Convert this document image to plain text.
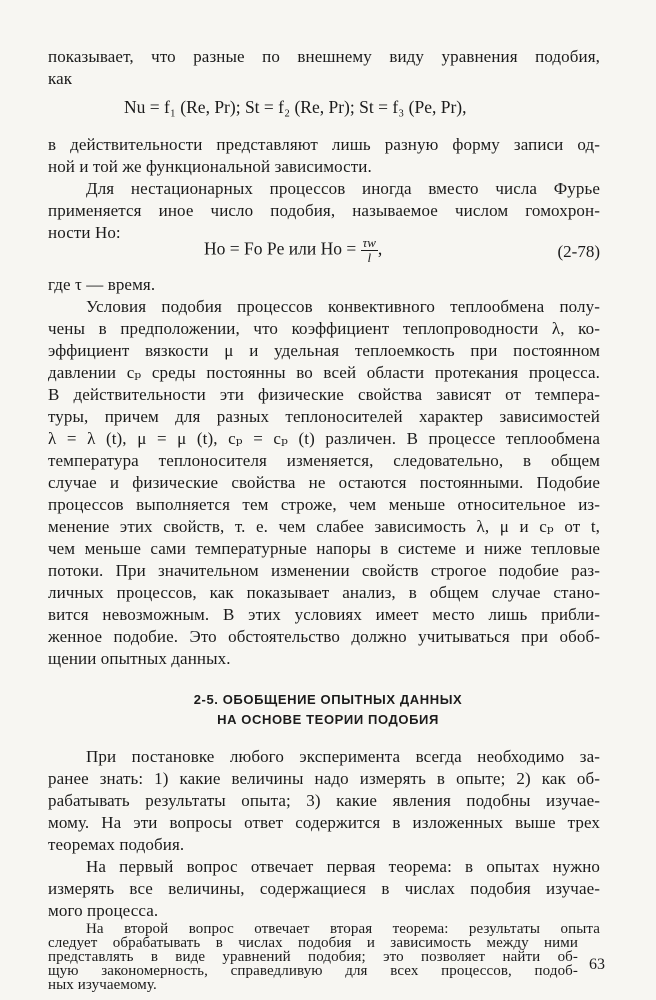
показывает, что разные по внешнему виду уравнения подобия,
как
Nu = f₁ (Re, Pr); St = f₂ (Re, Pr); St = f₃ (Pe, Pr),
в действительности представляют лишь разную форму записи од-
ной и той же функциональной зависимости.
Для нестационарных процессов иногда вместо числа Фурье
применяется иное число подобия, называемое числом гомохрон-
ности Ho:
Ho = Fo Pe или $Ho = \frac{\tau w}{l}$ ,	(2-78)
где τ — время.
Условия подобия процессов конвективного теплообмена полу-
чены в предположении, что коэффициент теплопроводности λ, ко-
эффициент вязкости μ и удельная теплоемкость при постоянном
давлении cₚ среды постоянны во всей области протекания процесса.
В действительности эти физические свойства зависят от темпера-
туры, причем для разных теплоносителей характер зависимостей
λ = λ (t), μ = μ (t), cₚ = cₚ (t) различен. В процессе теплообмена
температура теплоносителя изменяется, следовательно, в общем
случае и физические свойства не остаются постоянными. Подобие
процессов выполняется тем строже, чем меньше относительное из-
менение этих свойств, т. е. чем слабее зависимость λ, μ и cₚ от t,
чем меньше сами температурные напоры в системе и ниже тепловые
потоки. При значительном изменении свойств строгое подобие раз-
личных процессов, как показывает анализ, в общем случае стано-
вится невозможным. В этих условиях имеет место лишь прибли-
женное подобие. Это обстоятельство должно учитываться при обоб-
щении опытных данных.
2-5. ОБОБЩЕНИЕ ОПЫТНЫХ ДАННЫХ
НА ОСНОВЕ ТЕОРИИ ПОДОБИЯ
При постановке любого эксперимента всегда необходимо за-
ранее знать: 1) какие величины надо измерять в опыте; 2) как об-
рабатывать результаты опыта; 3) какие явления подобны изучае-
мому. На эти вопросы ответ содержится в изложенных выше трех
теоремах подобия.
На первый вопрос отвечает первая теорема: в опытах нужно
измерять все величины, содержащиеся в числах подобия изучае-
мого процесса.
На второй вопрос отвечает вторая теорема: результаты опыта
следует обрабатывать в числах подобия и зависимость между ними
представлять в виде уравнений подобия; это позволяет найти об-
щую закономерность, справедливую для всех процессов, подоб-
ных изучаемому.
63
